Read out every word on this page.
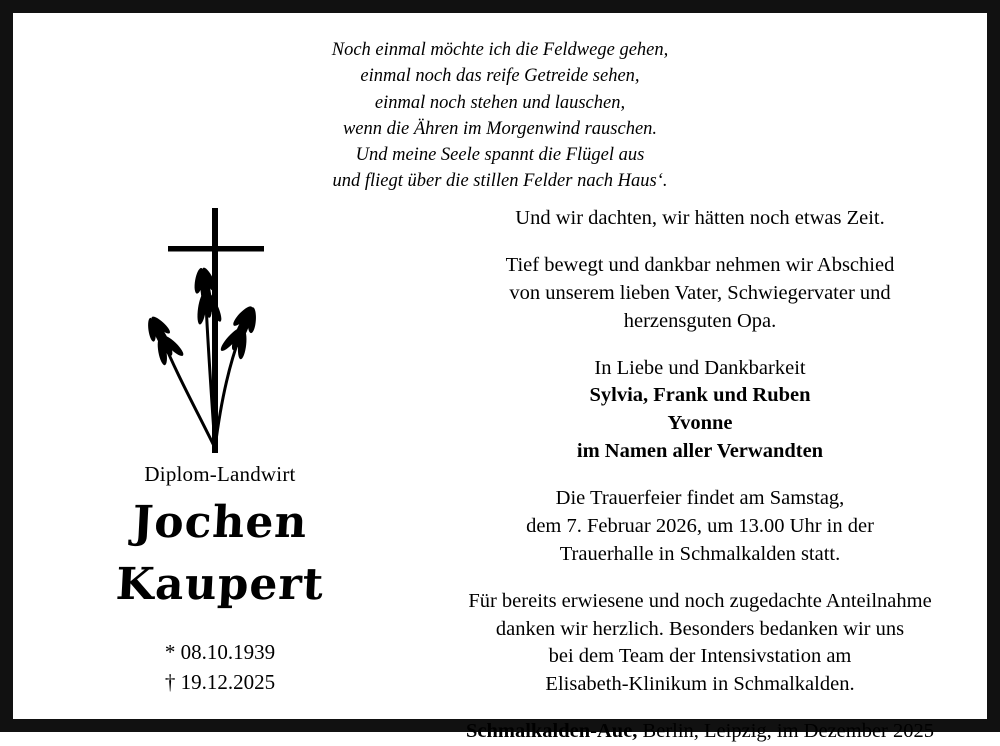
Noch einmal möchte ich die Feldwege gehen,
einmal noch das reife Getreide sehen,
einmal noch stehen und lauschen,
wenn die Ähren im Morgenwind rauschen.
Und meine Seele spannt die Flügel aus
und fliegt über die stillen Felder nach Haus‘.
Diplom-Landwirt
Jochen
Kaupert
* 08.10.1939
† 19.12.2025
Und wir dachten, wir hätten noch etwas Zeit.
Tief bewegt und dankbar nehmen wir Abschied
von unserem lieben Vater, Schwiegervater und
herzensguten Opa.
In Liebe und Dankbarkeit
Sylvia, Frank und Ruben
Yvonne
im Namen aller Verwandten
Die Trauerfeier findet am Samstag,
dem 7. Februar 2026, um 13.00 Uhr in der
Trauerhalle in Schmalkalden statt.
Für bereits erwiesene und noch zugedachte Anteilnahme
danken wir herzlich. Besonders bedanken wir uns
bei dem Team der Intensivstation am
Elisabeth-Klinikum in Schmalkalden.
Schmalkalden-Aue, Berlin, Leipzig, im Dezember 2025
